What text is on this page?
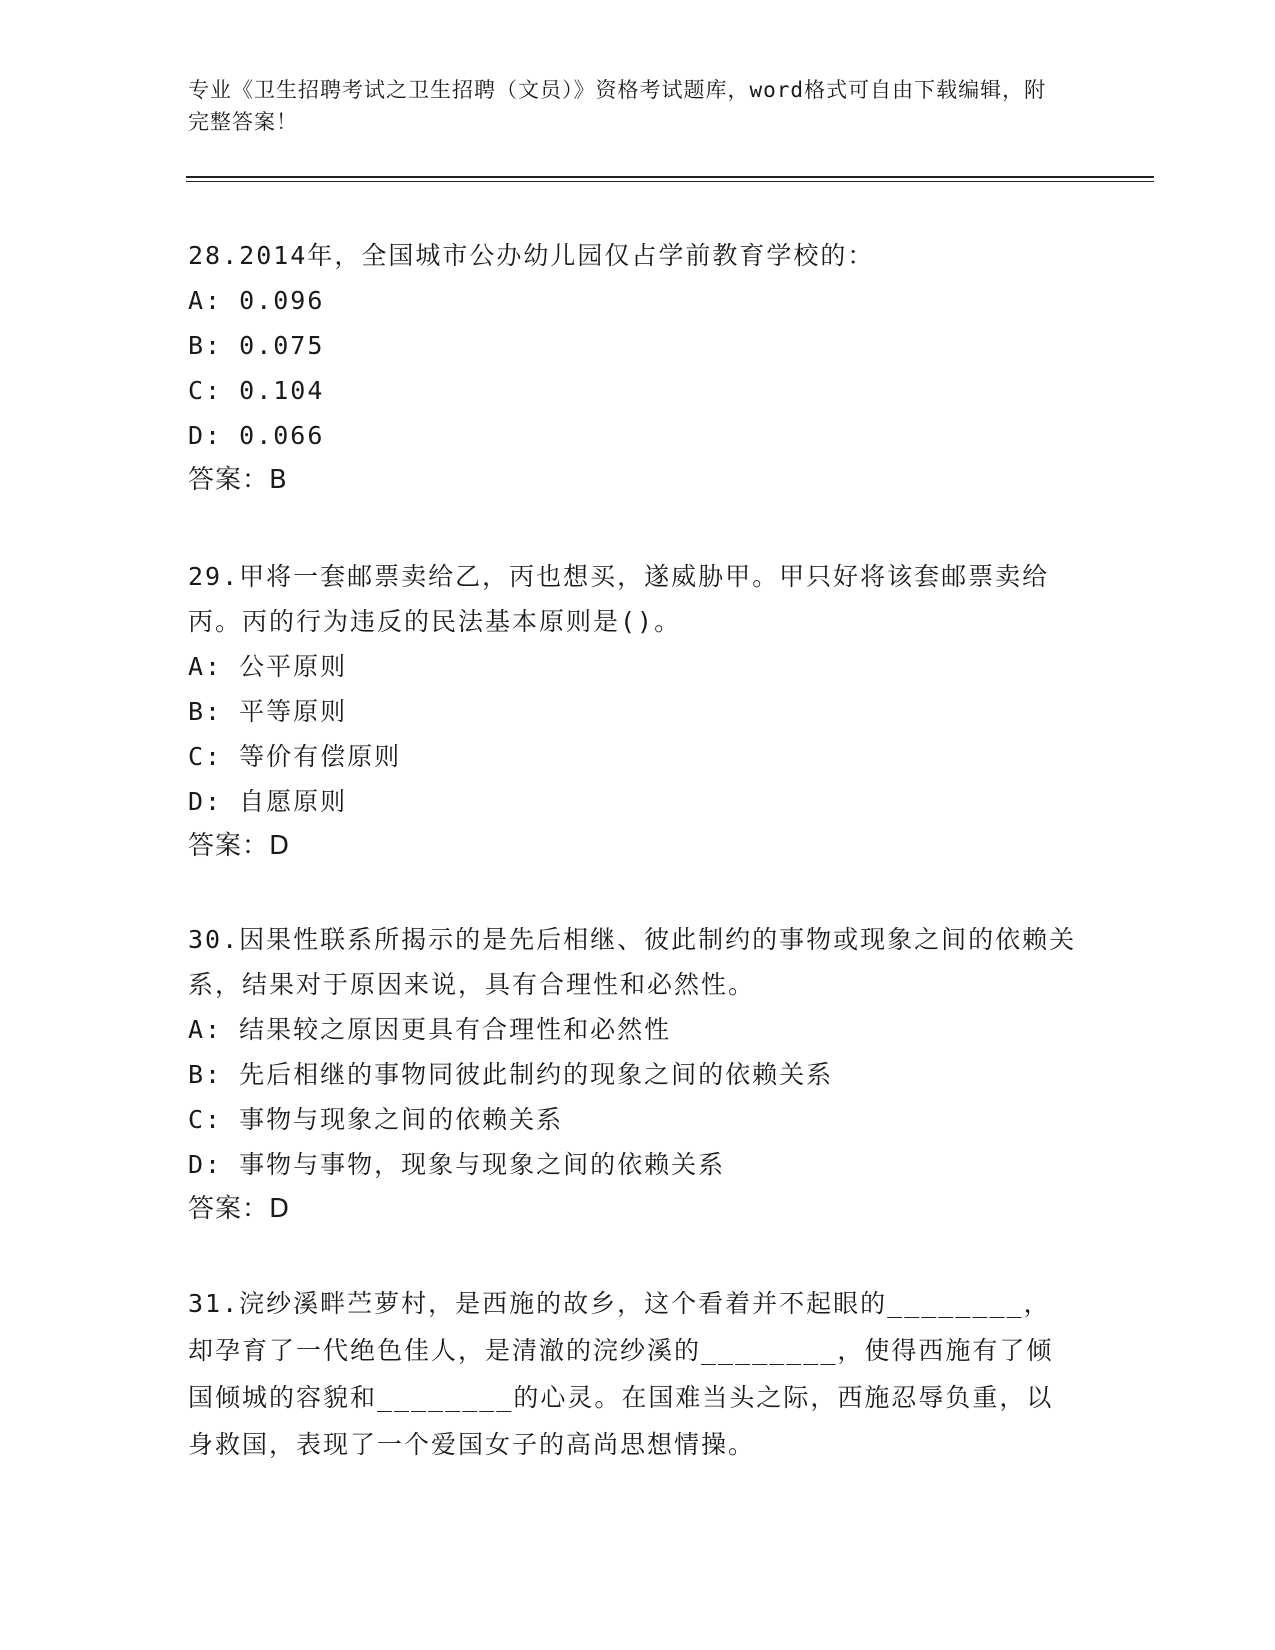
专业《卫生招聘考试之卫生招聘（文员）》资格考试题库，word格式可自由下载编辑，附完整答案！
28.2014年，全国城市公办幼儿园仅占学前教育学校的：
A: 0.096
B: 0.075
C: 0.104
D: 0.066
答案：B
29.甲将一套邮票卖给乙，丙也想买，遂威胁甲。甲只好将该套邮票卖给丙。丙的行为违反的民法基本原则是()。
A: 公平原则
B: 平等原则
C: 等价有偿原则
D: 自愿原则
答案：D
30.因果性联系所揭示的是先后相继、彼此制约的事物或现象之间的依赖关系，结果对于原因来说，具有合理性和必然性。
A: 结果较之原因更具有合理性和必然性
B: 先后相继的事物同彼此制约的现象之间的依赖关系
C: 事物与现象之间的依赖关系
D: 事物与事物，现象与现象之间的依赖关系
答案：D
31.浣纱溪畔苎萝村，是西施的故乡，这个看着并不起眼的________，却孕育了一代绝色佳人，是清澈的浣纱溪的________，使得西施有了倾国倾城的容貌和________的心灵。在国难当头之际，西施忍辱负重，以身救国，表现了一个爱国女子的高尚思想情操。
